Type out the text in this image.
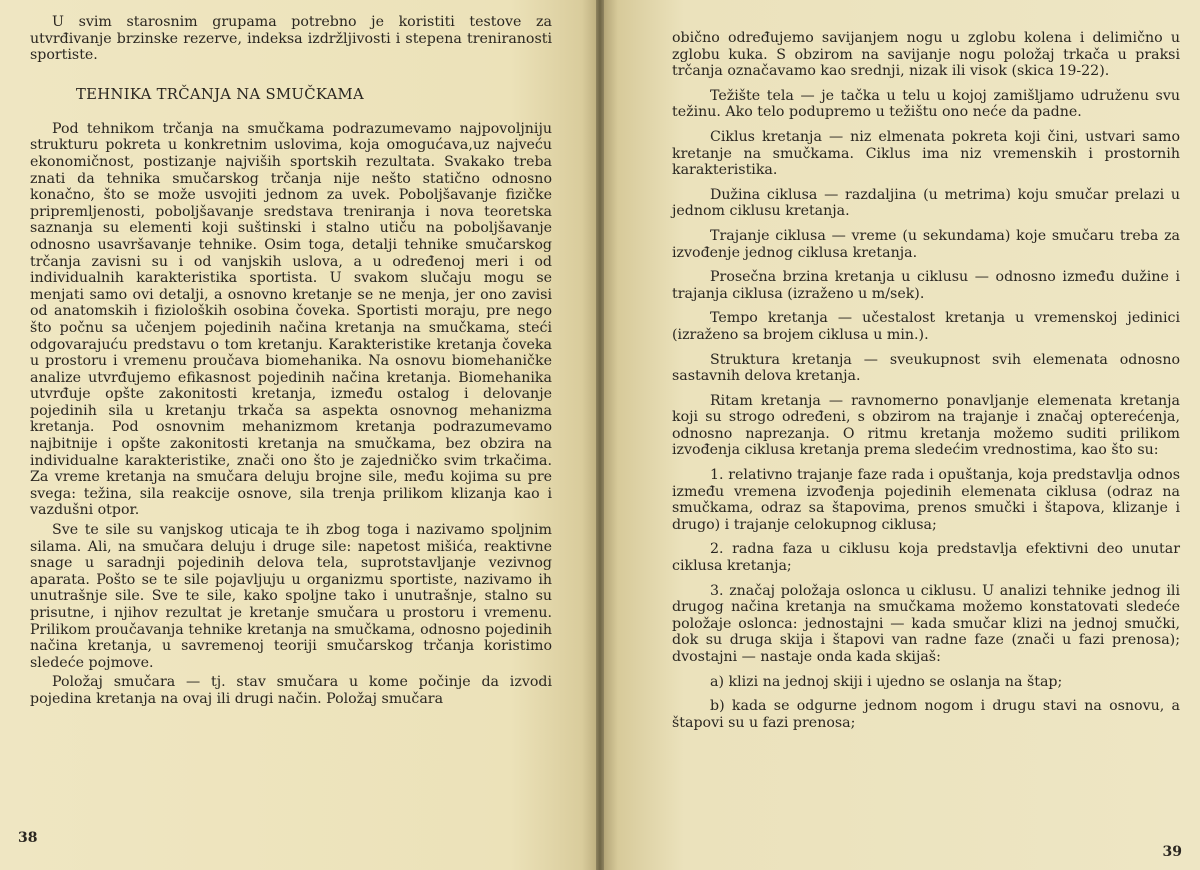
U svim starosnim grupama potrebno je koristiti testove za utvrđivanje brzinske rezerve, indeksa izdržljivosti i stepena treniranosti sportiste.

TEHNIKA TRČANJA NA SMUČKAMA

Pod tehnikom trčanja na smučkama podrazumevamo najpovoljniju strukturu pokreta u konkretnim uslovima, koja omogućava,uz najveću ekonomičnost, postizanje najviših sportskih rezultata. Svakako treba znati da tehnika smučarskog trčanja nije nešto statično odnosno konačno, što se može usvojiti jednom za uvek. Poboljšavanje fizičke pripremljenosti, poboljšavanje sredstava treniranja i nova teoretska saznanja su elementi koji suštinski i stalno utiču na poboljšavanje odnosno usavršavanje tehnike. Osim toga, detalji tehnike smučarskog trčanja zavisni su i od vanjskih uslova, a u određenoj meri i od individualnih karakteristika sportista. U svakom slučaju mogu se menjati samo ovi detalji, a osnovno kretanje se ne menja, jer ono zavisi od anatomskih i fizioloških osobina čoveka. Sportisti moraju, pre nego što počnu sa učenjem pojedinih načina kretanja na smučkama, steći odgovarajuću predstavu o tom kretanju. Karakteristike kretanja čoveka u prostoru i vremenu proučava biomehanika. Na osnovu biomehaničke analize utvrđujemo efikasnost pojedinih načina kretanja. Biomehanika utvrđuje opšte zakonitosti kretanja, između ostalog i delovanje pojedinih sila u kretanju trkača sa aspekta osnovnog mehanizma kretanja. Pod osnovnim mehanizmom kretanja podrazumevamo najbitnije i opšte zakonitosti kretanja na smučkama, bez obzira na individualne karakteristike, znači ono što je zajedničko svim trkačima. Za vreme kretanja na smučara deluju brojne sile, među kojima su pre svega: težina, sila reakcije osnove, sila trenja prilikom klizanja kao i vazdušni otpor.

Sve te sile su vanjskog uticaja te ih zbog toga i nazivamo spoljnim silama. Ali, na smučara deluju i druge sile: napetost mišića, reaktivne snage u saradnji pojedinih delova tela, suprotstavljanje vezivnog aparata. Pošto se te sile pojavljuju u organizmu sportiste, nazivamo ih unutrašnje sile. Sve te sile, kako spoljne tako i unutrašnje, stalno su prisutne, i njihov rezultat je kretanje smučara u prostoru i vremenu. Prilikom proučavanja tehnike kretanja na smučkama, odnosno pojedinih načina kretanja, u savremenoj teoriji smučarskog trčanja koristimo sledeće pojmove.

Položaj smučara — tj. stav smučara u kome počinje da izvodi pojedina kretanja na ovaj ili drugi način. Položaj smučara

38

obično određujemo savijanjem nogu u zglobu kolena i delimično u zglobu kuka. S obzirom na savijanje nogu položaj trkača u praksi trčanja označavamo kao srednji, nizak ili visok (skica 19-22).

Težište tela — je tačka u telu u kojoj zamišljamo udruženu svu težinu. Ako telo podupremo u težištu ono neće da padne.

Ciklus kretanja — niz elmenata pokreta koji čini, ustvari samo kretanje na smučkama. Ciklus ima niz vremenskih i prostornih karakteristika.

Dužina ciklusa — razdaljina (u metrima) koju smučar prelazi u jednom ciklusu kretanja.

Trajanje ciklusa — vreme (u sekundama) koje smučaru treba za izvođenje jednog ciklusa kretanja.

Prosečna brzina kretanja u ciklusu — odnosno između dužine i trajanja ciklusa (izraženo u m/sek).

Tempo kretanja — učestalost kretanja u vremenskoj jedinici (izraženo sa brojem ciklusa u min.).

Struktura kretanja — sveukupnost svih elemenata odnosno sastavnih delova kretanja.

Ritam kretanja — ravnomerno ponavljanje elemenata kretanja koji su strogo određeni, s obzirom na trajanje i značaj opterećenja, odnosno naprezanja. O ritmu kretanja možemo suditi prilikom izvođenja ciklusa kretanja prema sledećim vrednostima, kao što su:

1. relativno trajanje faze rada i opuštanja, koja predstavlja odnos između vremena izvođenja pojedinih elemenata ciklusa (odraz na smučkama, odraz sa štapovima, prenos smučki i štapova, klizanje i drugo) i trajanje celokupnog ciklusa;

2. radna faza u ciklusu koja predstavlja efektivni deo unutar ciklusa kretanja;

3. značaj položaja oslonca u ciklusu. U analizi tehnike jednog ili drugog načina kretanja na smučkama možemo konstatovati sledeće položaje oslonca: jednostajni — kada smučar klizi na jednoj smučki, dok su druga skija i štapovi van radne faze (znači u fazi prenosa); dvostajni — nastaje onda kada skijaš:

a) klizi na jednoj skiji i ujedno se oslanja na štap;

b) kada se odgurne jednom nogom i drugu stavi na osnovu, a štapovi su u fazi prenosa;

39
